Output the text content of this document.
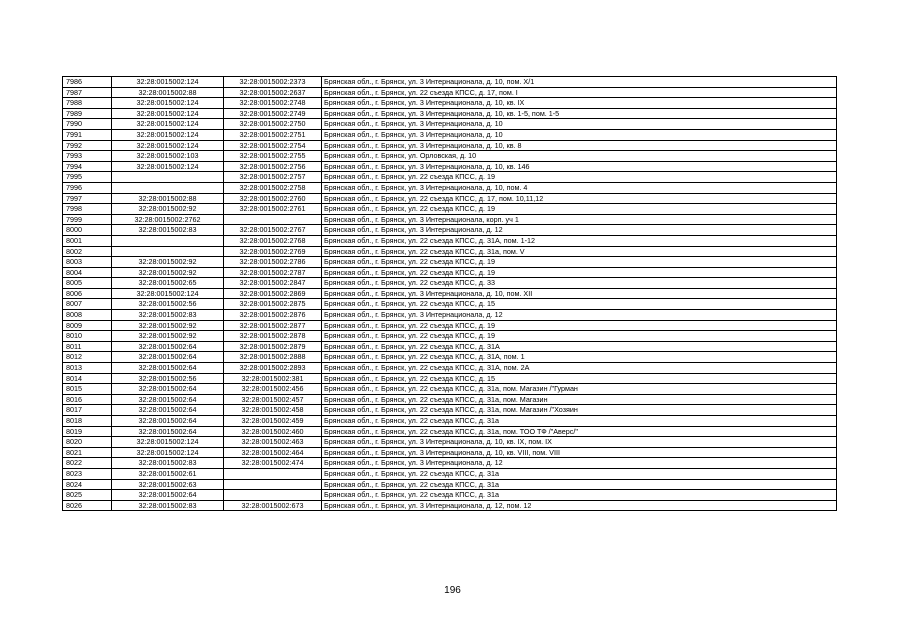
7986	32:28:0015002:124	32:28:0015002:2373	Брянская обл., г. Брянск, ул. 3 Интернационала, д. 10, пом. Х/1
7987	32:28:0015002:88	32:28:0015002:2637	Брянская обл., г. Брянск, ул. 22 съезда КПСС, д. 17, пом. I
7988	32:28:0015002:124	32:28:0015002:2748	Брянская обл., г. Брянск, ул. 3 Интернационала, д. 10, кв. IX
7989	32:28:0015002:124	32:28:0015002:2749	Брянская обл., г. Брянск, ул. 3 Интернационала, д. 10, кв. 1-5, пом. 1-5
7990	32:28:0015002:124	32:28:0015002:2750	Брянская обл., г. Брянск, ул. 3 Интернационала, д. 10
7991	32:28:0015002:124	32:28:0015002:2751	Брянская обл., г. Брянск, ул. 3 Интернационала, д. 10
7992	32:28:0015002:124	32:28:0015002:2754	Брянская обл., г. Брянск, ул. 3 Интернационала, д. 10, кв. 8
7993	32:28:0015002:103	32:28:0015002:2755	Брянская обл., г. Брянск, ул. Орловская, д. 10
7994	32:28:0015002:124	32:28:0015002:2756	Брянская обл., г. Брянск, ул. 3 Интернационала, д. 10, кв. 146
7995		32:28:0015002:2757	Брянская обл., г. Брянск, ул. 22 съезда КПСС, д. 19
7996		32:28:0015002:2758	Брянская обл., г. Брянск, ул. 3 Интернационала, д. 10, пом. 4
7997	32:28:0015002:88	32:28:0015002:2760	Брянская обл., г. Брянск, ул. 22 съезда КПСС, д. 17, пом. 10,11,12
7998	32:28:0015002:92	32:28:0015002:2761	Брянская обл., г. Брянск, ул. 22 съезда КПСС, д. 19
7999	32:28:0015002:2762		Брянская обл., г. Брянск, ул. 3 Интернационала, корп. уч 1
8000	32:28:0015002:83	32:28:0015002:2767	Брянская обл., г. Брянск, ул. 3 Интернационала, д. 12
8001		32:28:0015002:2768	Брянская обл., г. Брянск, ул. 22 съезда КПСС, д. 31А, пом. 1-12
8002		32:28:0015002:2769	Брянская обл., г. Брянск, ул. 22 съезда КПСС, д. 31а, пом. V
8003	32:28:0015002:92	32:28:0015002:2786	Брянская обл., г. Брянск, ул. 22 съезда КПСС, д. 19
8004	32:28:0015002:92	32:28:0015002:2787	Брянская обл., г. Брянск, ул. 22 съезда КПСС, д. 19
8005	32:28:0015002:65	32:28:0015002:2847	Брянская обл., г. Брянск, ул. 22 съезда КПСС, д. 33
8006	32:28:0015002:124	32:28:0015002:2869	Брянская обл., г. Брянск, ул. 3 Интернационала, д. 10, пом. XII
8007	32:28:0015002:56	32:28:0015002:2875	Брянская обл., г. Брянск, ул. 22 съезда КПСС, д. 15
8008	32:28:0015002:83	32:28:0015002:2876	Брянская обл., г. Брянск, ул. 3 Интернационала, д. 12
8009	32:28:0015002:92	32:28:0015002:2877	Брянская обл., г. Брянск, ул. 22 съезда КПСС, д. 19
8010	32:28:0015002:92	32:28:0015002:2878	Брянская обл., г. Брянск, ул. 22 съезда КПСС, д. 19
8011	32:28:0015002:64	32:28:0015002:2879	Брянская обл., г. Брянск, ул. 22 съезда КПСС, д. 31А
8012	32:28:0015002:64	32:28:0015002:2888	Брянская обл., г. Брянск, ул. 22 съезда КПСС, д. 31А, пом. 1
8013	32:28:0015002:64	32:28:0015002:2893	Брянская обл., г. Брянск, ул. 22 съезда КПСС, д. 31А, пом. 2А
8014	32:28:0015002:56	32:28:0015002:381	Брянская обл., г. Брянск, ул. 22 съезда КПСС, д. 15
8015	32:28:0015002:64	32:28:0015002:456	Брянская обл., г. Брянск, ул. 22 съезда КПСС, д. 31а, пом. Магазин /"Гурман
8016	32:28:0015002:64	32:28:0015002:457	Брянская обл., г. Брянск, ул. 22 съезда КПСС, д. 31а, пом. Магазин
8017	32:28:0015002:64	32:28:0015002:458	Брянская обл., г. Брянск, ул. 22 съезда КПСС, д. 31а, пом. Магазин /"Хозяин
8018	32:28:0015002:64	32:28:0015002:459	Брянская обл., г. Брянск, ул. 22 съезда КПСС, д. 31а
8019	32:28:0015002:64	32:28:0015002:460	Брянская обл., г. Брянск, ул. 22 съезда КПСС, д. 31а, пом. ТОО ТФ /"Аверс/"
8020	32:28:0015002:124	32:28:0015002:463	Брянская обл., г. Брянск, ул. 3 Интернационала, д. 10, кв. IX, пом. IX
8021	32:28:0015002:124	32:28:0015002:464	Брянская обл., г. Брянск, ул. 3 Интернационала, д. 10, кв. VIII, пом. VIII
8022	32:28:0015002:83	32:28:0015002:474	Брянская обл., г. Брянск, ул. 3 Интернационала, д. 12
8023	32:28:0015002:61		Брянская обл., г. Брянск, ул. 22 съезда КПСС, д. 31а
8024	32:28:0015002:63		Брянская обл., г. Брянск, ул. 22 съезда КПСС, д. 31а
8025	32:28:0015002:64		Брянская обл., г. Брянск, ул. 22 съезда КПСС, д. 31а
8026	32:28:0015002:83	32:28:0015002:673	Брянская обл., г. Брянск, ул. 3 Интернационала, д. 12, пом. 12
196
